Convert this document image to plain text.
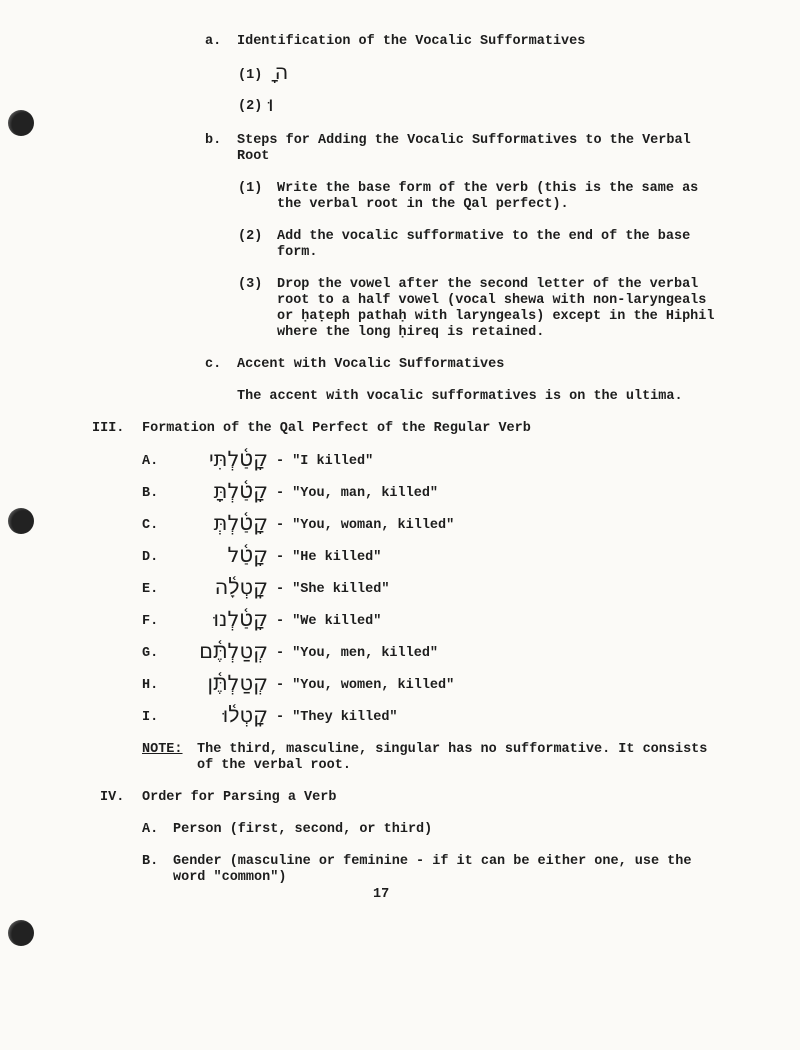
a. Identification of the Vocalic Sufformatives
(1) ה ָ
(2) וּ
b. Steps for Adding the Vocalic Sufformatives to the Verbal
Root
(1) Write the base form of the verb (this is the same as
the verbal root in the Qal perfect).
(2) Add the vocalic sufformative to the end of the base
form.
(3) Drop the vowel after the second letter of the verbal
root to a half vowel (vocal shewa with non-laryngeals
or ḥaṭeph pathaḥ with laryngeals) except in the Hiphil
where the long ḥireq is retained.
c. Accent with Vocalic Sufformatives
The accent with vocalic sufformatives is on the ultima.
III. Formation of the Qal Perfect of the Regular Verb
A. קָטַ֫לְתִּי - "I killed"
B.	קָטַ֫לְתָּ - "You, man, killed"
C.	קָטַ֫לְתְּ - "You, woman, killed"
D.	קָטַ֫ל - "He killed"
E.	קָֽטְלָ֫ה - "She killed"
F.	קָטַ֫לְנוּ - "We killed"
G. קְטַלְתֶּ֫ם - "You, men, killed"
H. קְטַלְתֶּ֫ן - "You, women, killed"
I.	קָֽטְל֫וּ - "They killed"
NOTE: The third, masculine, singular has no sufformative. It consists
of the verbal root.
IV. Order for Parsing a Verb
A. Person (first, second, or third)
B. Gender (masculine or feminine - if it can be either one, use the
word "common")
17
